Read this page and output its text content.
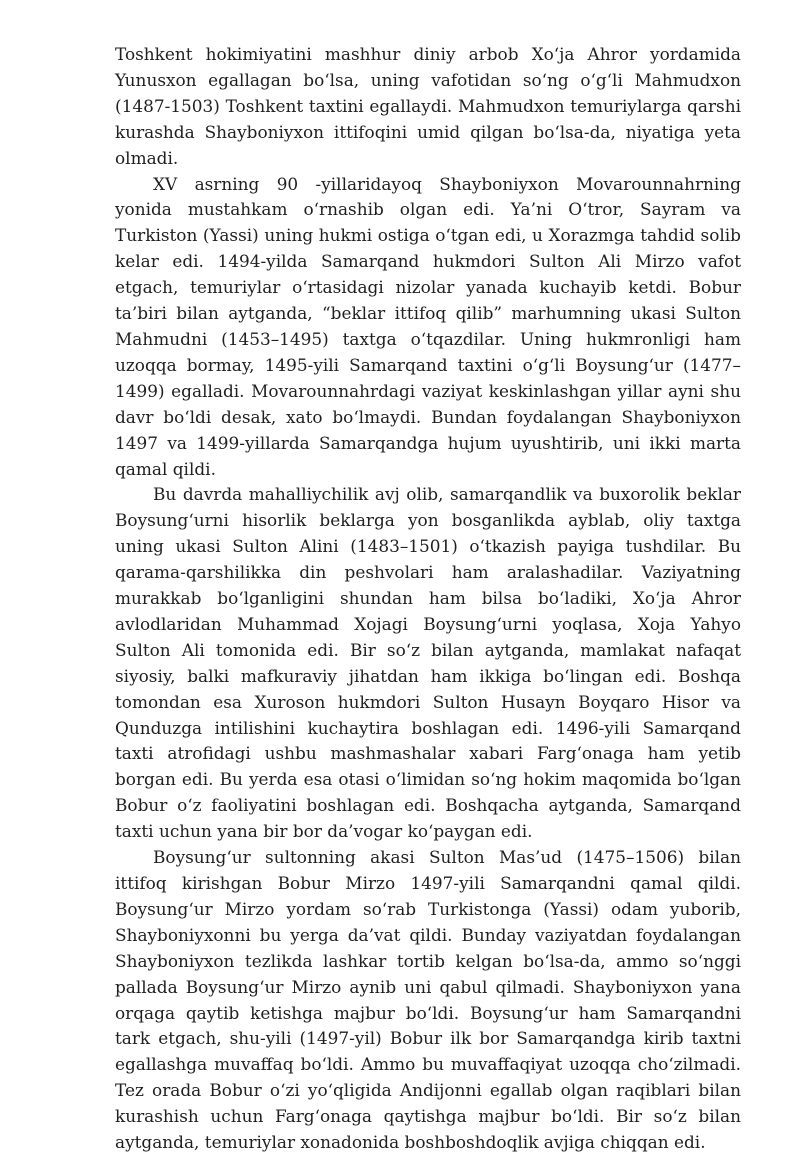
Toshkent hokimiyatini mashhur diniy arbob Xo‘ja Ahror yordamida Yunusxon egallagan bo‘lsa, uning vafotidan so‘ng o‘g‘li Mahmudxon (1487-1503) Toshkent taxtini egallaydi. Mahmudxon temuriylarga qarshi kurashda Shayboniyxon ittifoqini umid qilgan bo‘lsa-da, niyatiga yeta olmadi.

XV asrning 90 -yillaridayoq Shayboniyxon Movarounnahrning yonida mustahkam o‘rnashib olgan edi. Ya’ni O‘tror, Sayram va Turkiston (Yassi) uning hukmi ostiga o‘tgan edi, u Xorazmga tahdid solib kelar edi. 1494-yilda Samarqand hukmdori Sulton Ali Mirzo vafot etgach, temuriylar o‘rtasidagi nizolar yanada kuchayib ketdi. Bobur ta’biri bilan aytganda, “beklar ittifoq qilib” marhumning ukasi Sulton Mahmudni (1453–1495) taxtga o‘tqazdilar. Uning hukmronligi ham uzoqqa bormay, 1495-yili Samarqand taxtini o‘g‘li Boysung‘ur (1477–1499) egalladi. Movarounnahrdagi vaziyat keskinlashgan yillar ayni shu davr bo‘ldi desak, xato bo‘lmaydi. Bundan foydalangan Shayboniyxon 1497 va 1499-yillarda Samarqandga hujum uyushtirib, uni ikki marta qamal qildi.

Bu davrda mahalliychilik avj olib, samarqandlik va buxorolik beklar Boysung‘urni hisorlik beklarga yon bosganlikda ayblab, oliy taxtga uning ukasi Sulton Alini (1483–1501) o‘tkazish payiga tushdilar. Bu qarama-qarshilikka din peshvolari ham aralashadilar. Vaziyatning murakkab bo‘lganligini shundan ham bilsa bo‘ladiki, Xo‘ja Ahror avlodlaridan Muhammad Xojagi Boysung‘urni yoqlasa, Xoja Yahyo Sulton Ali tomonida edi. Bir so‘z bilan aytganda, mamlakat nafaqat siyosiy, balki mafkuraviy jihatdan ham ikkiga bo‘lingan edi. Boshqa tomondan esa Xuroson hukmdori Sulton Husayn Boyqaro Hisor va Qunduzga intilishini kuchaytira boshlagan edi. 1496-yili Samarqand taxti atrofidagi ushbu mashmashalar xabari Farg‘onaga ham yetib borgan edi. Bu yerda esa otasi o‘limidan so‘ng hokim maqomida bo‘lgan Bobur o‘z faoliyatini boshlagan edi. Boshqacha aytganda, Samarqand taxti uchun yana bir bor da’vogar ko‘paygan edi.

Boysung‘ur sultonning akasi Sulton Mas’ud (1475–1506) bilan ittifoq kirishgan Bobur Mirzo 1497-yili Samarqandni qamal qildi. Boysung‘ur Mirzo yordam so‘rab Turkistonga (Yassi) odam yuborib, Shayboniyxonni bu yerga da’vat qildi. Bunday vaziyatdan foydalangan Shayboniyxon tezlikda lashkar tortib kelgan bo‘lsa-da, ammo so‘nggi pallada Boysung‘ur Mirzo aynib uni qabul qilmadi. Shayboniyxon yana orqaga qaytib ketishga majbur bo‘ldi. Boysung‘ur ham Samarqandni tark etgach, shu-yili (1497-yil) Bobur ilk bor Samarqandga kirib taxtni egallashga muvaffaq bo‘ldi. Ammo bu muvaffaqiyat uzoqqa cho‘zilmadi. Tez orada Bobur o‘zi yo‘qligida Andijonni egallab olgan raqiblari bilan kurashish uchun Farg‘onaga qaytishga majbur bo‘ldi. Bir so‘z bilan aytganda, temuriylar xonadonida boshboshdoqlik avjiga chiqqan edi.
